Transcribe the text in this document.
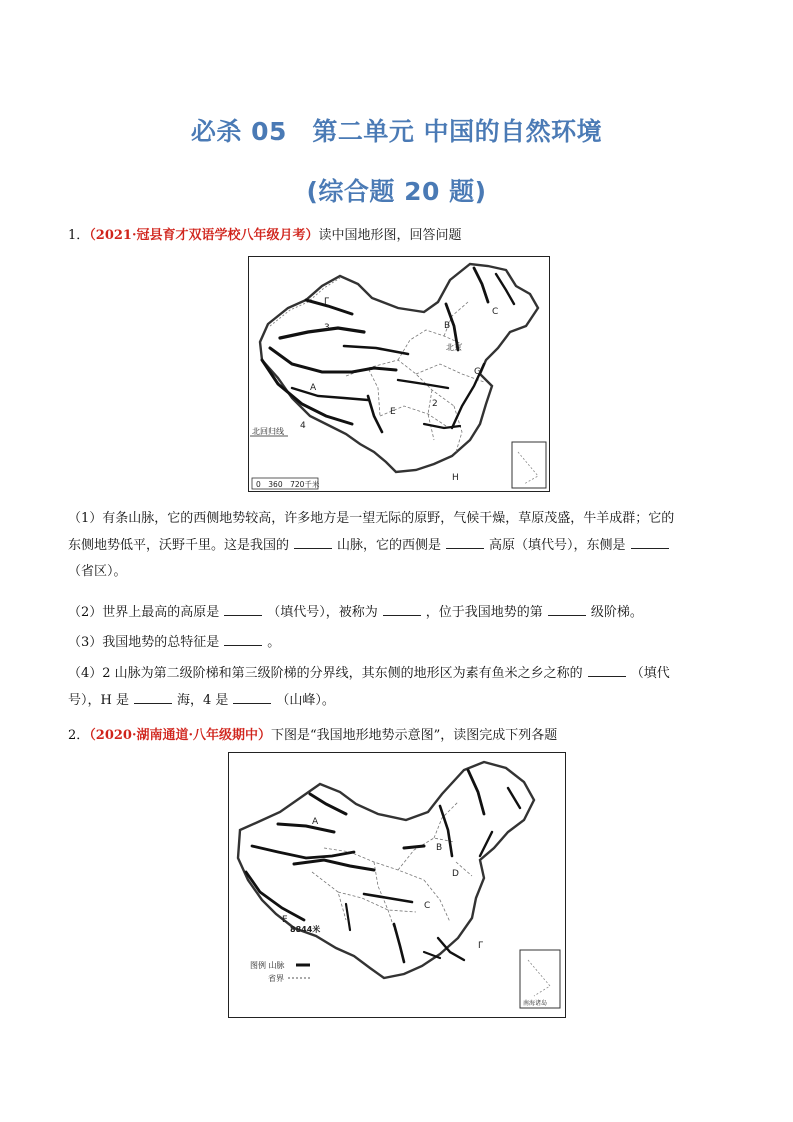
必杀 05　第二单元 中国的自然环境
(综合题 20 题)
1．（2021·冠县育才双语学校八年级月考）读中国地形图，回答问题
Γ
3	B
C
北京
G
A
E
2
4
H
北回归线
0　360　720千米
（1）有条山脉，它的西侧地势较高，许多地方是一望无际的原野，气候干燥，草原茂盛，牛羊成群；它的
东侧地势低平，沃野千里。这是我国的	山脉，它的西侧是	高原（填代号），东侧是
（省区）。
（2）世界上最高的高原是	（填代号），被称为	，位于我国地势的第	级阶梯。
（3）我国地势的总特征是	。
（4）2 山脉为第二级阶梯和第三级阶梯的分界线，其东侧的地形区为素有鱼米之乡之称的	（填代
号），H 是	海，4 是	（山峰）。
2．（2020·湖南通道·八年级期中）下图是“我国地形地势示意图”，读图完成下列各题
A
B
D
C
E
Γ
8844米
图例 山脉
省界
南海诸岛
